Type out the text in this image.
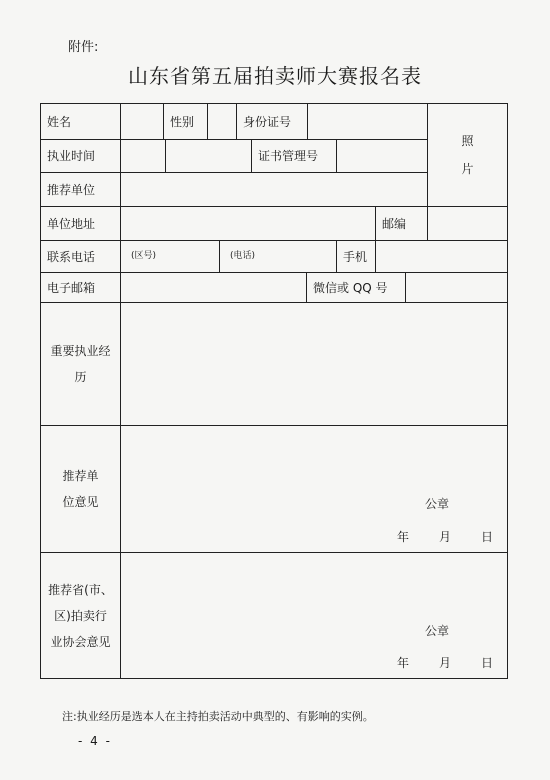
附件:
山东省第五届拍卖师大赛报名表
姓名	性别	身份证号
照
片
执业时间	证书管理号
推荐单位
单位地址	邮编
联系电话	(区号)	(电话)	手机
电子邮箱	微信或 QQ 号
重要执业经
历
推荐单
位意见	公章
年 月 日
推荐省(市、
区)拍卖行
业协会意见
公章
年 月 日
注:执业经历是选本人在主持拍卖活动中典型的、有影响的实例。
- 4 -
